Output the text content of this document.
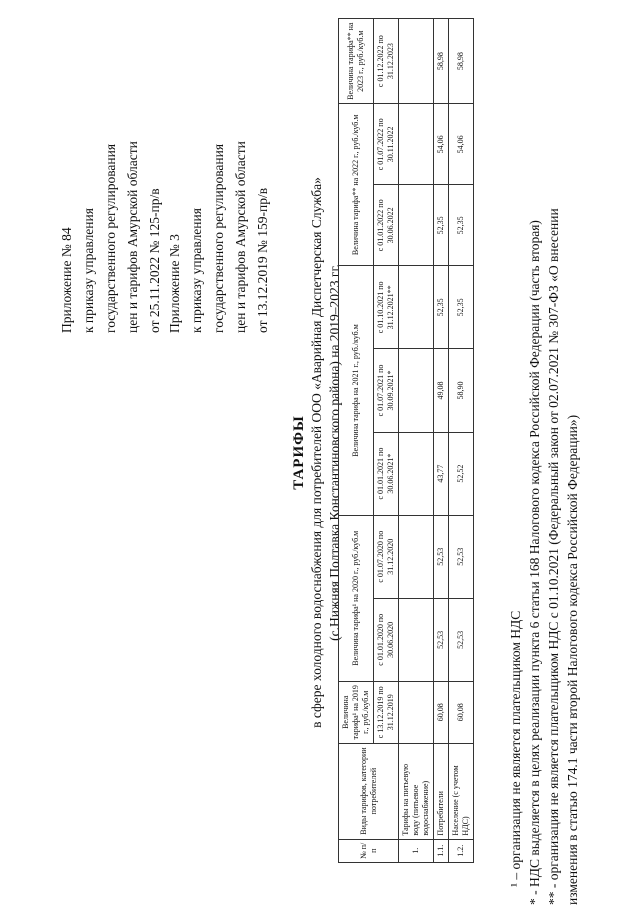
Приложение № 84 к приказу управления государственного регулирования цен и тарифов Амурской области от 25.11.2022 № 125-пр/в Приложение № 3 к приказу управления государственного регулирования цен и тарифов Амурской области от 13.12.2019 № 159-пр/в
ТАРИФЫ в сфере холодного водоснабжения для потребителей ООО «Аварийная Диспетчерская Служба» (с.Нижняя Полтавка Константиновского района) на 2019–2023 гг.
№ п/п	Виды тарифов, категории потребителей	Величина тарифа¹ на 2019 г., руб./куб.м	Величина тарифа¹ на 2020 г., руб./куб.м		Величина тарифа на 2021 г., руб./куб.м			Величина тарифа** на 2022 г., руб./куб.м		Величина тарифа** на 2023 г., руб./куб.м
		с 13.12.2019 по 31.12.2019	с 01.01.2020 по 30.06.2020	с 01.07.2020 по 31.12.2020	с 01.01.2021 по 30.06.2021*	с 01.07.2021 по 30.09.2021*	с 01.10.2021 по 31.12.2021**	с 01.01.2022 по 30.06.2022	с 01.07.2022 по 30.11.2022	с 01.12.2022 по 31.12.2023
1.	Тарифы на питьевую воду (питьевое водоснабжение)									
1.1.	Потребители	60,08	52,53	52,53	43,77	49,08	52,35	52,35	54,06	58,98
1.2.	Население (с учетом НДС)	60,08	52,53	52,53	52,52	58,90	52,35	52,35	54,06	58,98
¹ – организация не является плательщиком НДС * - НДС выделяется в целях реализации пункта 6 статьи 168 Налогового кодекса Российской Федерации (часть вторая) ** - организация не является плательщиком НДС с 01.10.2021 (Федеральный закон от 02.07.2021 № 307-ФЗ «О внесении изменения в статью 174.1 части второй Налогового кодекса Российской Федерации»)
